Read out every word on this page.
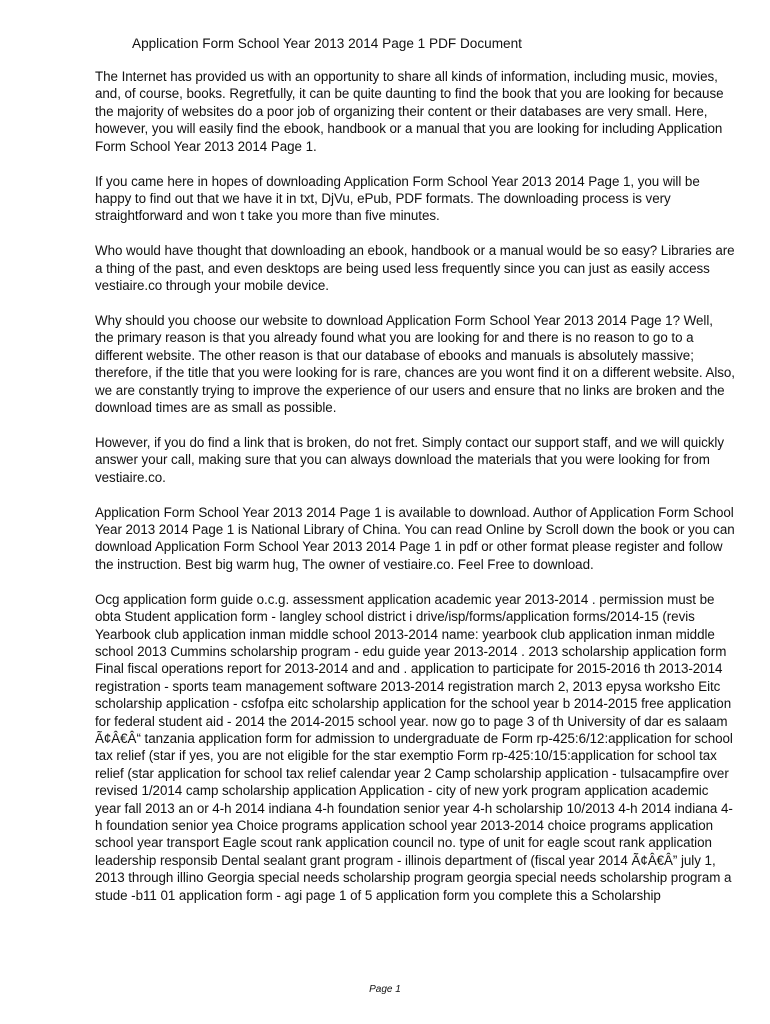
Application Form School Year 2013 2014 Page 1 PDF Document

The Internet has provided us with an opportunity to share all kinds of information, including music, movies, and, of course, books. Regretfully, it can be quite daunting to find the book that you are looking for because the majority of websites do a poor job of organizing their content or their databases are very small. Here, however, you will easily find the ebook, handbook or a manual that you are looking for including Application Form School Year 2013 2014 Page 1.

If you came here in hopes of downloading Application Form School Year 2013 2014 Page 1, you will be happy to find out that we have it in txt, DjVu, ePub, PDF formats. The downloading process is very straightforward and won t take you more than five minutes.

Who would have thought that downloading an ebook, handbook or a manual would be so easy? Libraries are a thing of the past, and even desktops are being used less frequently since you can just as easily access vestiaire.co through your mobile device.

Why should you choose our website to download Application Form School Year 2013 2014 Page 1? Well, the primary reason is that you already found what you are looking for and there is no reason to go to a different website. The other reason is that our database of ebooks and manuals is absolutely massive; therefore, if the title that you were looking for is rare, chances are you wont find it on a different website. Also, we are constantly trying to improve the experience of our users and ensure that no links are broken and the download times are as small as possible.

However, if you do find a link that is broken, do not fret. Simply contact our support staff, and we will quickly answer your call, making sure that you can always download the materials that you were looking for from vestiaire.co.

Application Form School Year 2013 2014 Page 1 is available to download. Author of Application Form School Year 2013 2014 Page 1 is National Library of China. You can read Online by Scroll down the book or you can download Application Form School Year 2013 2014 Page 1 in pdf or other format please register and follow the instruction. Best big warm hug, The owner of vestiaire.co. Feel Free to download.

Ocg application form guide o.c.g. assessment application academic year 2013-2014 . permission must be obta Student application form - langley school district i drive/isp/forms/application forms/2014-15 (revis Yearbook club application inman middle school 2013-2014 name: yearbook club application inman middle school 2013 Cummins scholarship program - edu guide year 2013-2014 . 2013 scholarship application form Final fiscal operations report for 2013-2014 and and . application to participate for 2015-2016 th 2013-2014 registration - sports team management software 2013-2014 registration march 2, 2013 epysa worksho Eitc scholarship application - csfofpa eitc scholarship application for the school year b 2014-2015 free application for federal student aid - 2014 the 2014-2015 school year. now go to page 3 of th University of dar es salaam Ã¢Â€Â“ tanzania application form for admission to undergraduate de Form rp-425:6/12:application for school tax relief (star if yes, you are not eligible for the star exemptio Form rp-425:10/15:application for school tax relief (star application for school tax relief calendar year 2 Camp scholarship application - tulsacampfire over revised 1/2014 camp scholarship application Application - city of new york program application academic year fall 2013 an or 4-h 2014 indiana 4-h foundation senior year 4-h scholarship 10/2013 4-h 2014 indiana 4-h foundation senior yea Choice programs application school year 2013-2014 choice programs application school year transport Eagle scout rank application council no. type of unit for eagle scout rank application leadership responsib Dental sealant grant program - illinois department of (fiscal year 2014 Ã¢Â€Â” july 1, 2013 through illino Georgia special needs scholarship program georgia special needs scholarship program a stude -b11 01 application form - agi page 1 of 5 application form you complete this a Scholarship

Page 1
